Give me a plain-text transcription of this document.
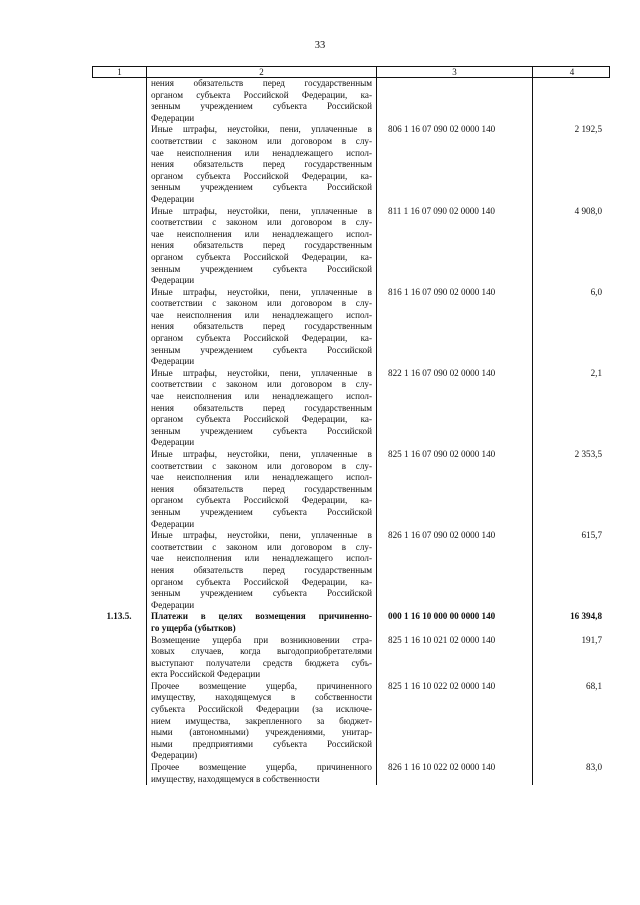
33
1	2	3	4
нения обязательств перед государственным
органом субъекта Российской Федерации, ка-
зенным учреждением субъекта Российской
Федерации
Иные штрафы, неустойки, пени, уплаченные в
соответствии с законом или договором в слу-
чае неисполнения или ненадлежащего испол-
нения обязательств перед государственным
органом субъекта Российской Федерации, ка-
зенным учреждением субъекта Российской
Федерации
806 1 16 07 090 02 0000 140	2 192,5
Иные штрафы, неустойки, пени, уплаченные в
соответствии с законом или договором в слу-
чае неисполнения или ненадлежащего испол-
нения обязательств перед государственным
органом субъекта Российской Федерации, ка-
зенным учреждением субъекта Российской
Федерации
811 1 16 07 090 02 0000 140	4 908,0
Иные штрафы, неустойки, пени, уплаченные в
соответствии с законом или договором в слу-
чае неисполнения или ненадлежащего испол-
нения обязательств перед государственным
органом субъекта Российской Федерации, ка-
зенным учреждением субъекта Российской
Федерации
816 1 16 07 090 02 0000 140	6,0
Иные штрафы, неустойки, пени, уплаченные в
соответствии с законом или договором в слу-
чае неисполнения или ненадлежащего испол-
нения обязательств перед государственным
органом субъекта Российской Федерации, ка-
зенным учреждением субъекта Российской
Федерации
822 1 16 07 090 02 0000 140	2,1
Иные штрафы, неустойки, пени, уплаченные в
соответствии с законом или договором в слу-
чае неисполнения или ненадлежащего испол-
нения обязательств перед государственным
органом субъекта Российской Федерации, ка-
зенным учреждением субъекта Российской
Федерации
825 1 16 07 090 02 0000 140	2 353,5
Иные штрафы, неустойки, пени, уплаченные в
соответствии с законом или договором в слу-
чае неисполнения или ненадлежащего испол-
нения обязательств перед государственным
органом субъекта Российской Федерации, ка-
зенным учреждением субъекта Российской
Федерации
826 1 16 07 090 02 0000 140	615,7
1.13.5.	Платежи в целях возмещения причиненно-
го ущерба (убытков)
000 1 16 10 000 00 0000 140	16 394,8
Возмещение ущерба при возникновении стра-
ховых случаев, когда выгодоприобретателями
выступают получатели средств бюджета субъ-
екта Российской Федерации
825 1 16 10 021 02 0000 140	191,7
Прочее возмещение ущерба, причиненного
имуществу, находящемуся в собственности
субъекта Российской Федерации (за исключе-
нием имущества, закрепленного за бюджет-
ными (автономными) учреждениями, унитар-
ными предприятиями субъекта Российской
Федерации)
825 1 16 10 022 02 0000 140	68,1
Прочее возмещение ущерба, причиненного
имуществу, находящемуся в собственности
826 1 16 10 022 02 0000 140	83,0
